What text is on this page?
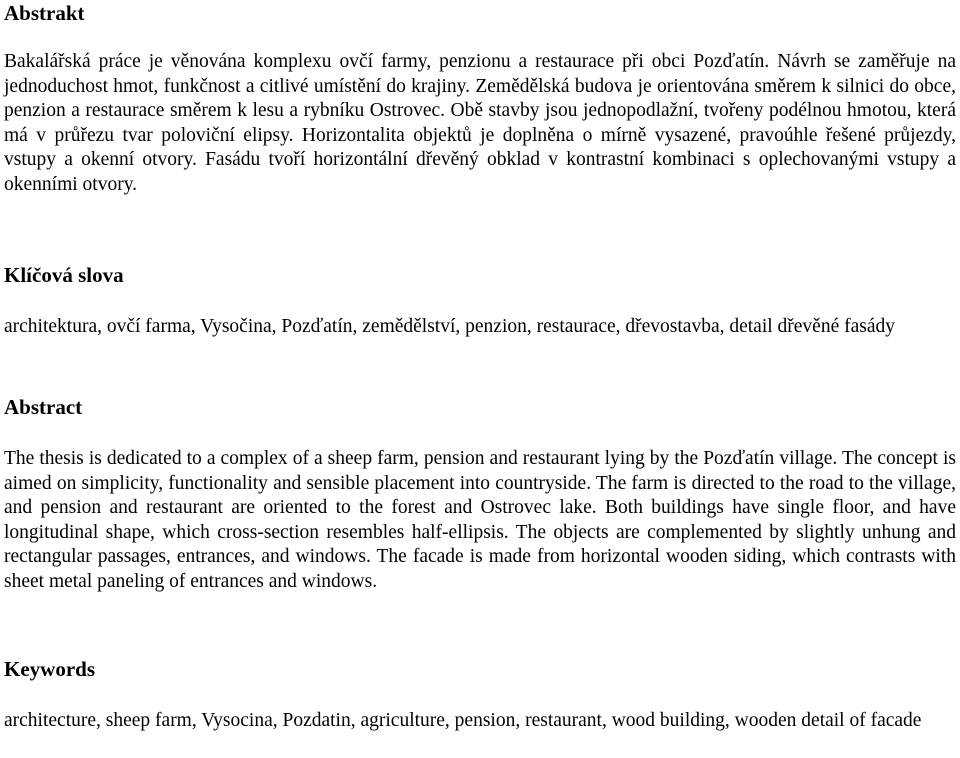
Abstrakt

Bakalářská práce je věnována komplexu ovčí farmy, penzionu a restaurace při obci Pozďatín. Návrh se zaměřuje na jednoduchost hmot, funkčnost a citlivé umístění do krajiny. Zemědělská budova je orientována směrem k silnici do obce, penzion a restaurace směrem k lesu a rybníku Ostrovec. Obě stavby jsou jednopodlažní, tvořeny podélnou hmotou, která má v průřezu tvar poloviční elipsy. Horizontalita objektů je doplněna o mírně vysazené, pravoúhle řešené průjezdy, vstupy a okenní otvory. Fasádu tvoří horizontální dřevěný obklad v kontrastní kombinaci s oplechovanými vstupy a okenními otvory.

Klíčová slova

architektura, ovčí farma, Vysočina, Pozďatín, zemědělství, penzion, restaurace, dřevostavba, detail dřevěné fasády

Abstract

The thesis is dedicated to a complex of a sheep farm, pension and restaurant lying by the Pozďatín village. The concept is aimed on simplicity, functionality and sensible placement into countryside. The farm is directed to the road to the village, and pension and restaurant are oriented to the forest and Ostrovec lake. Both buildings have single floor, and have longitudinal shape, which cross-section resembles half-ellipsis. The objects are complemented by slightly unhung and rectangular passages, entrances, and windows. The facade is made from horizontal wooden siding, which contrasts with sheet metal paneling of entrances and windows.

Keywords

architecture, sheep farm, Vysocina, Pozdatin, agriculture, pension, restaurant, wood building, wooden detail of facade
